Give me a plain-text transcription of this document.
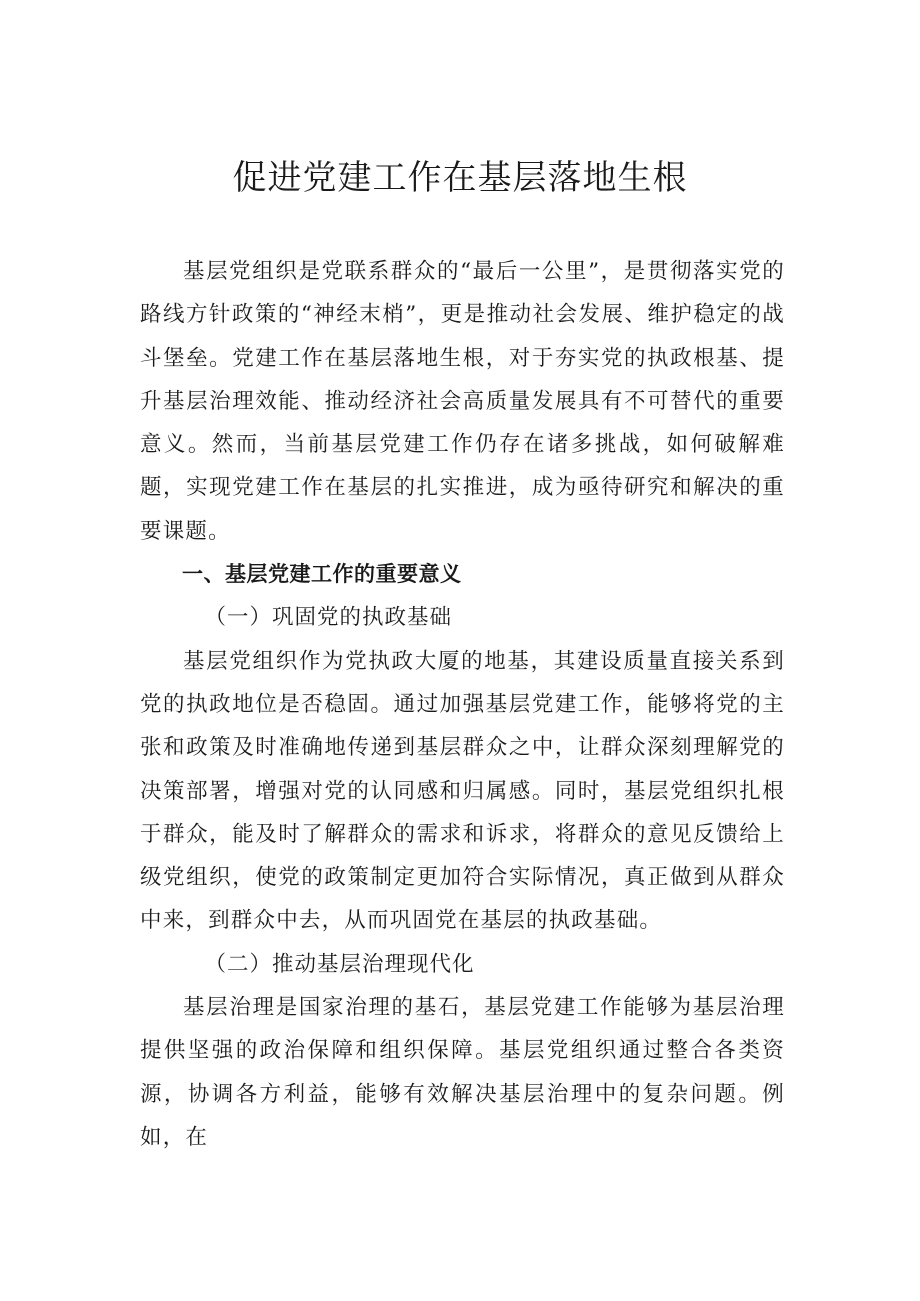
促进党建工作在基层落地生根

基层党组织是党联系群众的“最后一公里”，是贯彻落实党的路线方针政策的“神经末梢”，更是推动社会发展、维护稳定的战斗堡垒。党建工作在基层落地生根，对于夯实党的执政根基、提升基层治理效能、推动经济社会高质量发展具有不可替代的重要意义。然而，当前基层党建工作仍存在诸多挑战，如何破解难题，实现党建工作在基层的扎实推进，成为亟待研究和解决的重要课题。

一、基层党建工作的重要意义

（一）巩固党的执政基础

基层党组织作为党执政大厦的地基，其建设质量直接关系到党的执政地位是否稳固。通过加强基层党建工作，能够将党的主张和政策及时准确地传递到基层群众之中，让群众深刻理解党的决策部署，增强对党的认同感和归属感。同时，基层党组织扎根于群众，能及时了解群众的需求和诉求，将群众的意见反馈给上级党组织，使党的政策制定更加符合实际情况，真正做到从群众中来，到群众中去，从而巩固党在基层的执政基础。

（二）推动基层治理现代化

基层治理是国家治理的基石，基层党建工作能够为基层治理提供坚强的政治保障和组织保障。基层党组织通过整合各类资源，协调各方利益，能够有效解决基层治理中的复杂问题。例如，在
